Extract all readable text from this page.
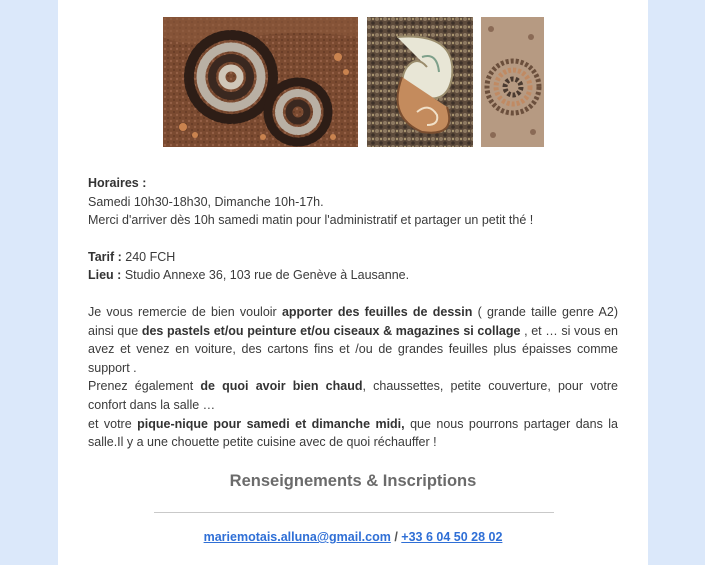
Horaires :

Samedi 10h30-18h30, Dimanche 10h-17h.

Merci d'arriver dès 10h samedi matin pour l'administratif et partager un petit thé !

Tarif : 240 FCH

Lieu : Studio Annexe 36, 103 rue de Genève à Lausanne.

Je vous remercie de bien vouloir apporter des feuilles de dessin ( grande taille genre A2) ainsi que des pastels et/ou peinture et/ou ciseaux & magazines si collage , et … si vous en avez et venez en voiture, des cartons fins et /ou de grandes feuilles plus épaisses comme support .

Prenez également de quoi avoir bien chaud, chaussettes, petite couverture, pour votre confort dans la salle …

et votre pique-nique pour samedi et dimanche midi, que nous pourrons partager dans la salle.Il y a une chouette petite cuisine avec de quoi réchauffer !

Renseignements & Inscriptions
mariemotais.alluna@gmail.com / +33 6 04 50 28 02
